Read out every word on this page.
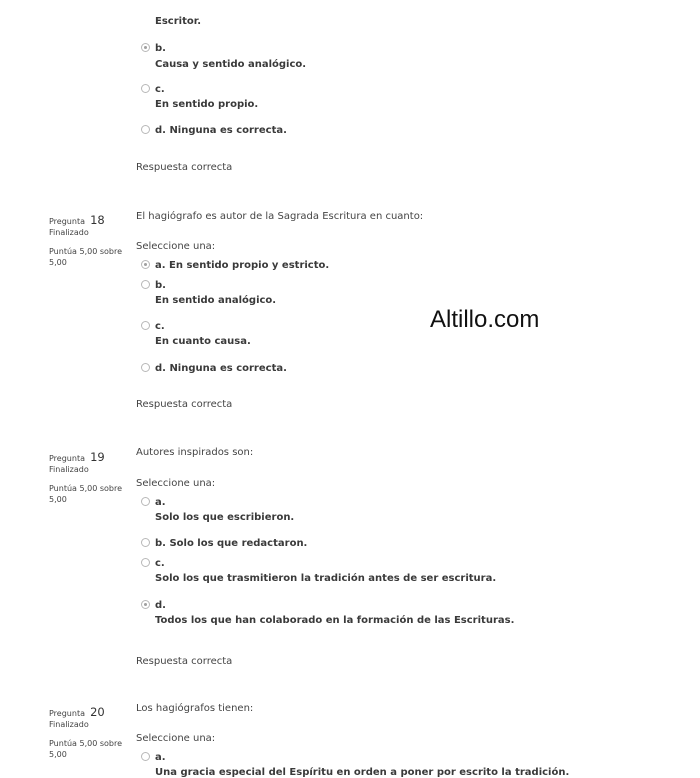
Escritor.
b.
Causa y sentido analógico.
c.
En sentido propio.
d. Ninguna es correcta.
Respuesta correcta
Pregunta 18
Finalizado
Puntúa 5,00 sobre
5,00
El hagiógrafo es autor de la Sagrada Escritura en cuanto:
Seleccione una:
a. En sentido propio y estricto.
b.
En sentido analógico.
c.
En cuanto causa.
d. Ninguna es correcta.
Respuesta correcta
Altillo.com
Pregunta 19
Finalizado
Puntúa 5,00 sobre
5,00
Autores inspirados son:
Seleccione una:
a.
Solo los que escribieron.
b. Solo los que redactaron.
c.
Solo los que trasmitieron la tradición antes de ser escritura.
d.
Todos los que han colaborado en la formación de las Escrituras.
Respuesta correcta
Pregunta 20
Finalizado
Puntúa 5,00 sobre
5,00
Los hagiógrafos tienen:
Seleccione una:
a.
Una gracia especial del Espíritu en orden a poner por escrito la tradición.
